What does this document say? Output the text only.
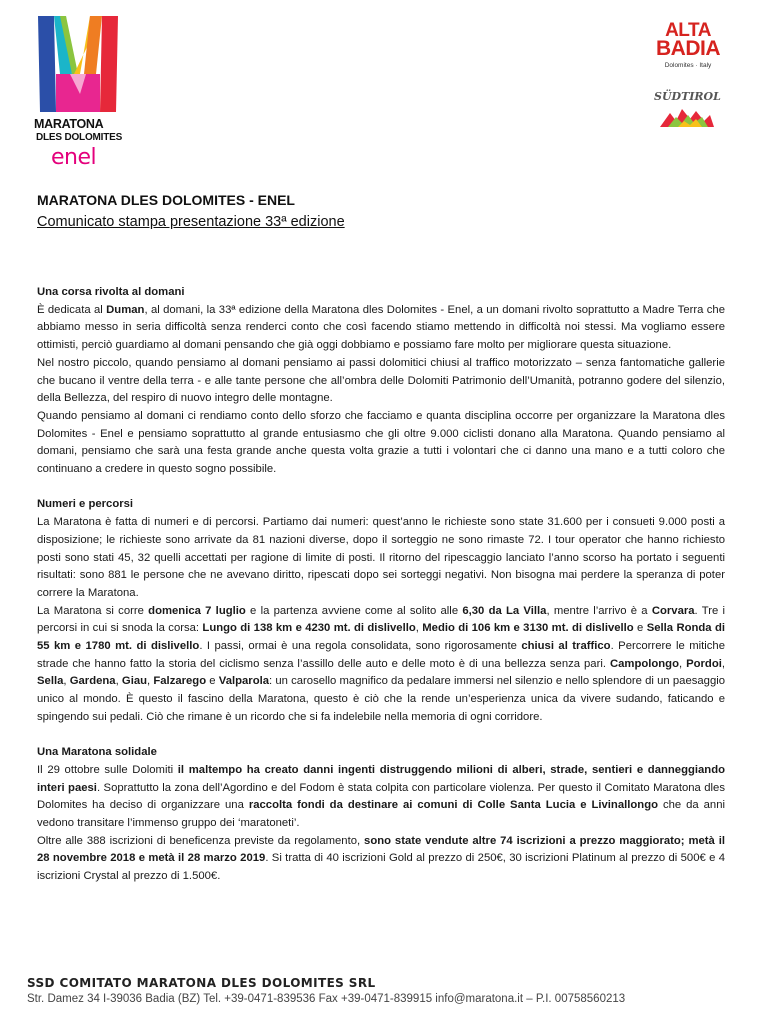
MARATONA
DLES DOLOMITES
enel
ALTA
BADIA
Dolomites · Italy
SÜDTIROL
MARATONA DLES DOLOMITES - ENEL
Comunicato stampa presentazione 33ª edizione
Una corsa rivolta al domani

È dedicata al Duman, al domani, la 33ª edizione della Maratona dles Dolomites - Enel, a un domani rivolto soprattutto a Madre Terra che abbiamo messo in seria difficoltà senza renderci conto che così facendo stiamo mettendo in difficoltà noi stessi. Ma vogliamo essere ottimisti, perciò guardiamo al domani pensando che già oggi dobbiamo e possiamo fare molto per migliorare questa situazione.

Nel nostro piccolo, quando pensiamo al domani pensiamo ai passi dolomitici chiusi al traffico motorizzato – senza fantomatiche gallerie che bucano il ventre della terra - e alle tante persone che all’ombra delle Dolomiti Patrimonio dell’Umanità, potranno godere del silenzio, della Bellezza, del respiro di nuovo integro delle montagne.

Quando pensiamo al domani ci rendiamo conto dello sforzo che facciamo e quanta disciplina occorre per organizzare la Maratona dles Dolomites - Enel e pensiamo soprattutto al grande entusiasmo che gli oltre 9.000 ciclisti donano alla Maratona. Quando pensiamo al domani, pensiamo che sarà una festa grande anche questa volta grazie a tutti i volontari che ci danno una mano e a tutti coloro che continuano a credere in questo sogno possibile.

Numeri e percorsi

La Maratona è fatta di numeri e di percorsi. Partiamo dai numeri: quest’anno le richieste sono state 31.600 per i consueti 9.000 posti a disposizione; le richieste sono arrivate da 81 nazioni diverse, dopo il sorteggio ne sono rimaste 72. I tour operator che hanno richiesto posti sono stati 45, 32 quelli accettati per ragione di limite di posti. Il ritorno del ripescaggio lanciato l’anno scorso ha portato i seguenti risultati: sono 881 le persone che ne avevano diritto, ripescati dopo sei sorteggi negativi. Non bisogna mai perdere la speranza di poter correre la Maratona.

La Maratona si corre domenica 7 luglio e la partenza avviene come al solito alle 6,30 da La Villa, mentre l’arrivo è a Corvara. Tre i percorsi in cui si snoda la corsa: Lungo di 138 km e 4230 mt. di dislivello, Medio di 106 km e 3130 mt. di dislivello e Sella Ronda di 55 km e 1780 mt. di dislivello. I passi, ormai è una regola consolidata, sono rigorosamente chiusi al traffico. Percorrere le mitiche strade che hanno fatto la storia del ciclismo senza l’assillo delle auto e delle moto è di una bellezza senza pari. Campolongo, Pordoi, Sella, Gardena, Giau, Falzarego e Valparola: un carosello magnifico da pedalare immersi nel silenzio e nello splendore di un paesaggio unico al mondo. È questo il fascino della Maratona, questo è ciò che la rende un’esperienza unica da vivere sudando, faticando e spingendo sui pedali. Ciò che rimane è un ricordo che si fa indelebile nella memoria di ogni corridore.

Una Maratona solidale

Il 29 ottobre sulle Dolomiti il maltempo ha creato danni ingenti distruggendo milioni di alberi, strade, sentieri e danneggiando interi paesi. Soprattutto la zona dell’Agordino e del Fodom è stata colpita con particolare violenza. Per questo il Comitato Maratona dles Dolomites ha deciso di organizzare una raccolta fondi da destinare ai comuni di Colle Santa Lucia e Livinallongo che da anni vedono transitare l’immenso gruppo dei ‘maratoneti’.

Oltre alle 388 iscrizioni di beneficenza previste da regolamento, sono state vendute altre 74 iscrizioni a prezzo maggiorato; metà il 28 novembre 2018 e metà il 28 marzo 2019. Si tratta di 40 iscrizioni Gold al prezzo di 250€, 30 iscrizioni Platinum al prezzo di 500€ e 4 iscrizioni Crystal al prezzo di 1.500€.

SSD COMITATO MARATONA DLES DOLOMITES SRL
Str. Damez 34 I-39036 Badia (BZ) Tel. +39-0471-839536 Fax +39-0471-839915 info@maratona.it – P.I. 00758560213
